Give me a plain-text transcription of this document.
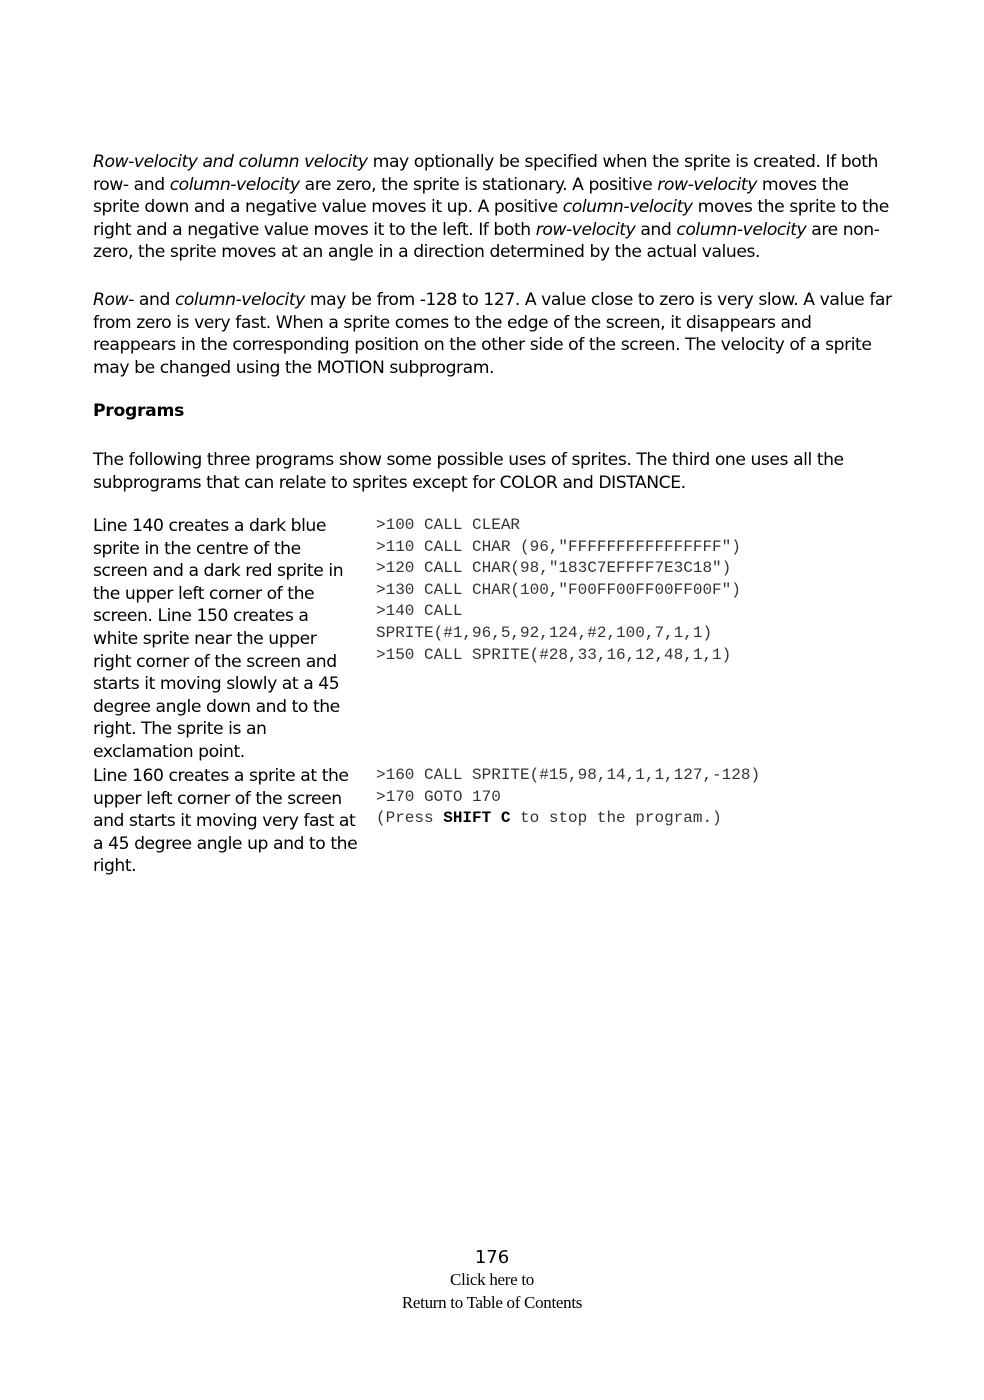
Row-velocity and column velocity may optionally be specified when the sprite is created. If both row- and column-velocity are zero, the sprite is stationary. A positive row-velocity moves the sprite down and a negative value moves it up. A positive column-velocity moves the sprite to the right and a negative value moves it to the left. If both row-velocity and column-velocity are non-zero, the sprite moves at an angle in a direction determined by the actual values.

Row- and column-velocity may be from -128 to 127. A value close to zero is very slow. A value far from zero is very fast. When a sprite comes to the edge of the screen, it disappears and reappears in the corresponding position on the other side of the screen. The velocity of a sprite may be changed using the MOTION subprogram.

Programs

The following three programs show some possible uses of sprites. The third one uses all the subprograms that can relate to sprites except for COLOR and DISTANCE.

Line 140 creates a dark blue sprite in the centre of the screen and a dark red sprite in the upper left corner of the screen. Line 150 creates a white sprite near the upper right corner of the screen and starts it moving slowly at a 45 degree angle down and to the right. The sprite is an exclamation point.

>100 CALL CLEAR
>110 CALL CHAR (96,"FFFFFFFFFFFFFFFF")
>120 CALL CHAR(98,"183C7EFFFF7E3C18")
>130 CALL CHAR(100,"F00FF00FF00FF00F")
>140 CALL
SPRITE(#1,96,5,92,124,#2,100,7,1,1)
>150 CALL SPRITE(#28,33,16,12,48,1,1)

Line 160 creates a sprite at the upper left corner of the screen and starts it moving very fast at a 45 degree angle up and to the right.

>160 CALL SPRITE(#15,98,14,1,1,127,-128)
>170 GOTO 170
(Press SHIFT C to stop the program.)
176
Click here to
Return to Table of Contents
